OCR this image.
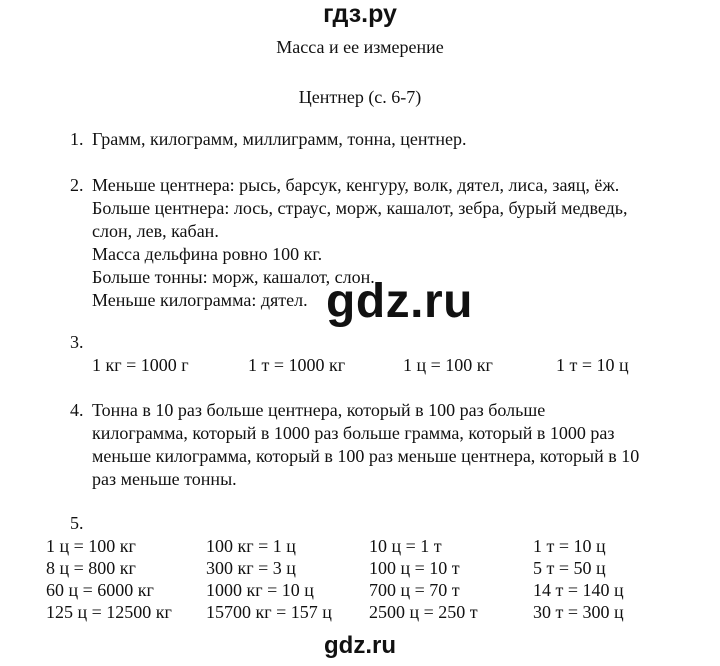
гдз.ру
Масса и ее измерение
Центнер (с. 6-7)
1. Грамм, килограмм, миллиграмм, тонна, центнер.
2. Меньше центнера: рысь, барсук, кенгуру, волк, дятел, лиса, заяц, ёж.
Больше центнера: лось, страус, морж, кашалот, зебра, бурый медведь,
слон, лев, кабан.
Масса дельфина ровно 100 кг.
Больше тонны: морж, кашалот, слон.
Меньше килограмма: дятел.
3.
1 кг = 1000 г	1 т = 1000 кг	1 ц = 100 кг	1 т = 10 ц
4. Тонна в 10 раз больше центнера, который в 100 раз больше
килограмма, который в 1000 раз больше грамма, который в 1000 раз
меньше килограмма, который в 100 раз меньше центнера, который в 10
раз меньше тонны.
5.
1 ц = 100 кг	100 кг = 1 ц	10 ц = 1 т	1 т = 10 ц
8 ц = 800 кг	300 кг = 3 ц	100 ц = 10 т	5 т = 50 ц
60 ц = 6000 кг	1000 кг = 10 ц	700 ц = 70 т	14 т = 140 ц
125 ц = 12500 кг 15700 кг = 157 ц 2500 ц = 250 т	30 т = 300 ц
gdz.ru
gdz.ru
